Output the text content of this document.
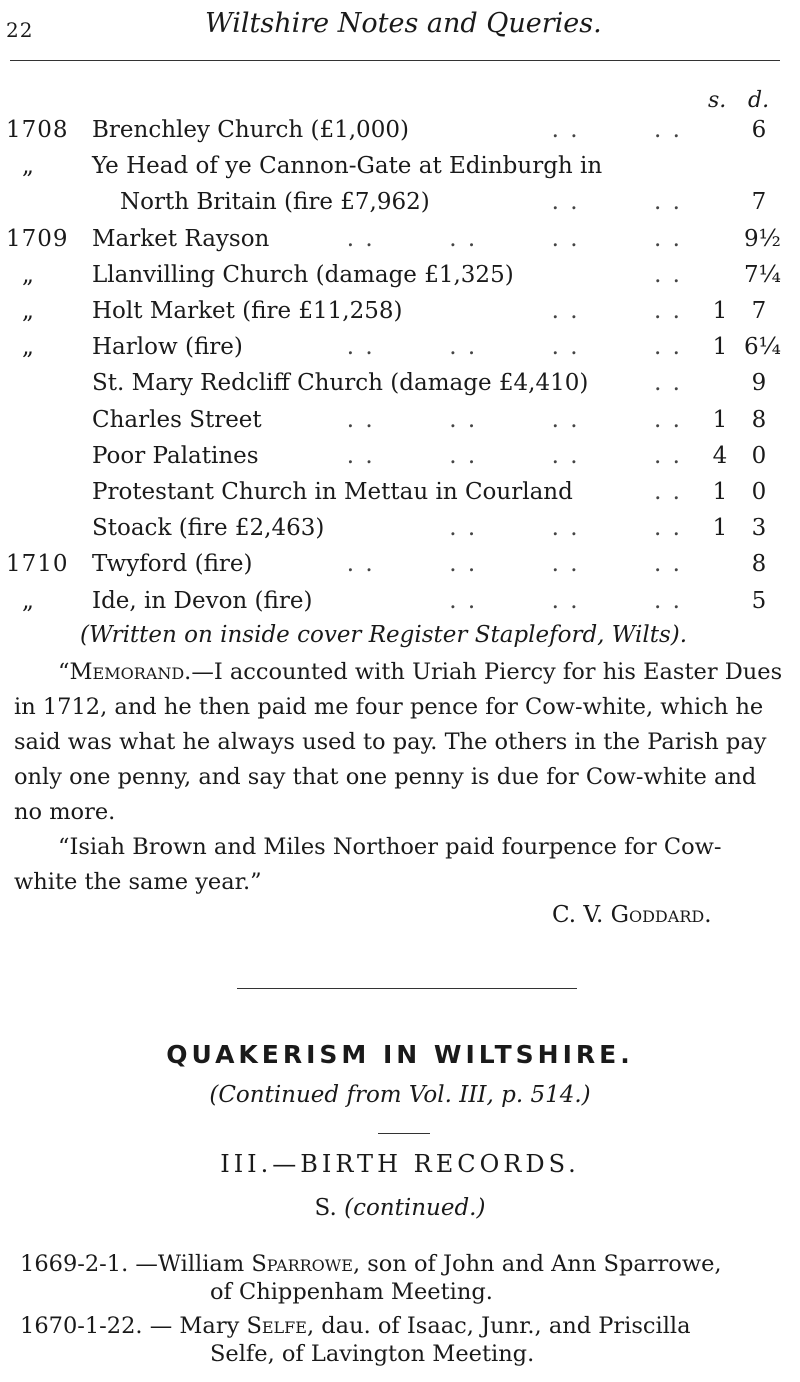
22	Wiltshire Notes and Queries.
s. d.
1708 Brenchley Church (£1,000)	. .        . .	6
„ Ye Head of ye Cannon-Gate at Edinburgh in
North Britain (fire £7,962)	. .        . .	7
1709 Market Rayson	. .        . .        . .        . .	9½
„ Llanvilling Church (damage £1,325)	. .	7¼
„ Holt Market (fire £11,258)	. .        . . 1	7
„ Harlow (fire)	. .        . .        . .        . . 1 6¼
St. Mary Redcliff Church (damage £4,410)	. .	9
Charles Street	. .        . .        . .        . . 1	8
Poor Palatines	. .        . .        . .        . . 4	0
Protestant Church in Mettau in Courland	. . 1	0
Stoack (fire £2,463)	. .        . .        . . 1	3
1710 Twyford (fire)	. .        . .        . .        . .	8
„ Ide, in Devon (fire)	. .        . .        . .	5
(Written on inside cover Register Stapleford, Wilts).
“Memorand.—I accounted with Uriah Piercy for his Easter Dues in 1712, and he then paid me four pence for Cow-white, which he said was what he always used to pay. The others in the Parish pay only one penny, and say that one penny is due for Cow-white and no more.
“Isiah Brown and Miles Northoer paid fourpence for Cow-white the same year.”
C. V. Goddard.
QUAKERISM IN WILTSHIRE.
(Continued from Vol. III, p. 514.)
III.—BIRTH RECORDS.
S. (continued.)
1669-2-1. —William Sparrowe, son of John and Ann Sparrowe,
of Chippenham Meeting.
1670-1-22. — Mary Selfe, dau. of Isaac, Junr., and Priscilla
Selfe, of Lavington Meeting.
